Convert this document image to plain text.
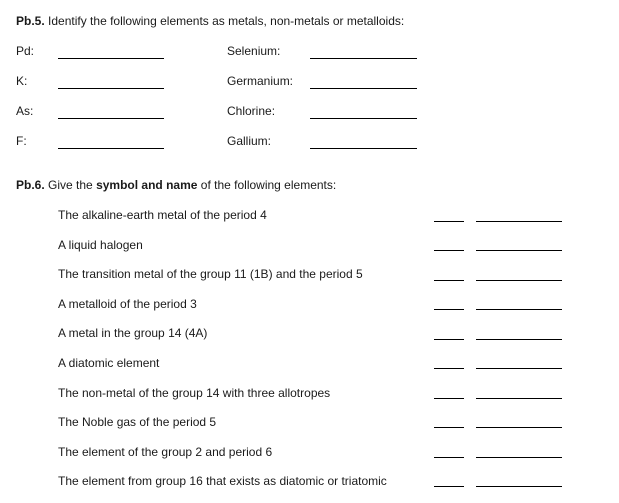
Pb.5. Identify the following elements as metals, non-metals or metalloids:
Pd:
K:
As:
F:
Selenium:
Germanium:
Chlorine:
Gallium:
Pb.6. Give the symbol and name of the following elements:
The alkaline-earth metal of the period 4
A liquid halogen
The transition metal of the group 11 (1B) and the period 5
A metalloid of the period 3
A metal in the group 14 (4A)
A diatomic element
The non-metal of the group 14 with three allotropes
The Noble gas of the period 5
The element of the group 2 and period 6
The element from group 16 that exists as diatomic or triatomic
